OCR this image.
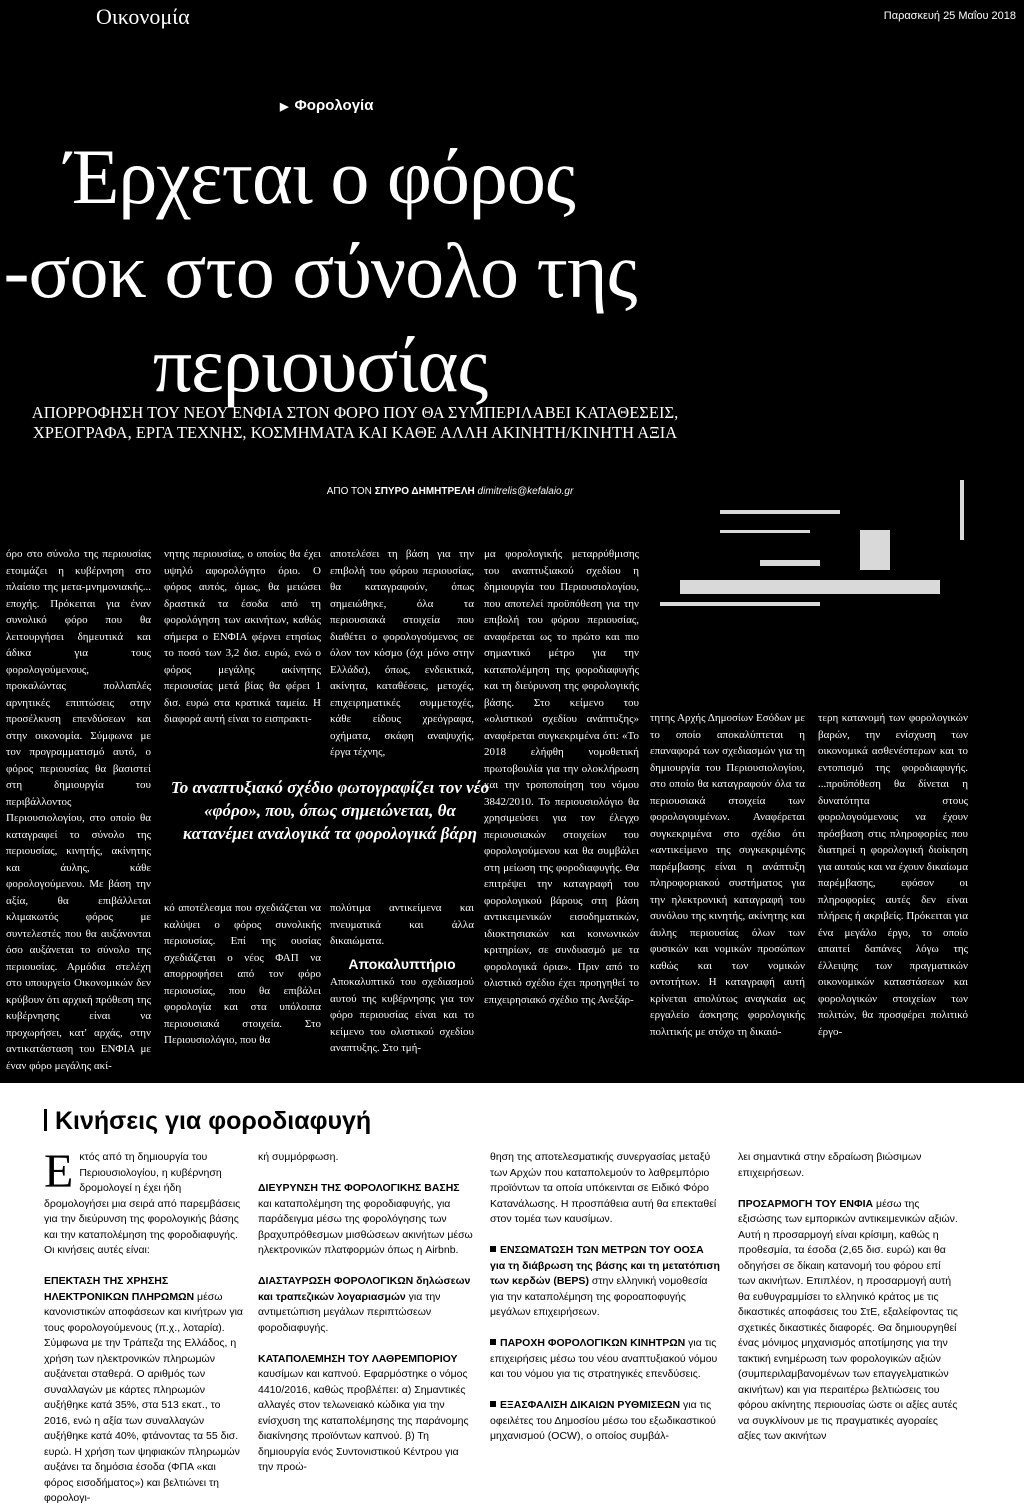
Οικονομία	Παρασκευή 25 Μαΐου 2018
▶ Φορολογία
Έρχεται ο φόρος -σοκ στο σύνολο της περιουσίας
ΑΠΟΡΡΟΦΗΣΗ ΤΟΥ ΝΕΟΥ ΕΝΦΙΑ ΣΤΟΝ ΦΟΡΟ ΠΟΥ ΘΑ ΣΥΜΠΕΡΙΛΑΒΕΙ ΚΑΤΑΘΕΣΕΙΣ, ΧΡΕΟΓΡΑΦΑ, ΕΡΓΑ ΤΕΧΝΗΣ, ΚΟΣΜΗΜΑΤΑ ΚΑΙ ΚΑΘΕ ΑΛΛΗ ΑΚΙΝΗΤΗ/ΚΙΝΗΤΗ ΑΞΙΑ
ΑΠΟ ΤΟΝ ΣΠΥΡΟ ΔΗΜΗΤΡΕΛΗ dimitrelis@kefalaio.gr
όρο στο σύνολο της περιουσίας ετοιμάζει η κυβέρνηση στο πλαίσιο της μετα-μνημονιακής... εποχής. Πρόκειται για έναν συνολικό φόρο που θα λειτουργήσει δημευτικά και άδικα για τους φορολογούμενους, προκαλώντας πολλαπλές αρνητικές επιπτώσεις στην προσέλκυση επενδύσεων και στην οικονομία. Σύμφωνα με τον προγραμματισμό αυτό, ο φόρος περιουσίας θα βασιστεί στη δημιουργία του περιβάλλοντος Περιουσιολογίου, στο οποίο θα καταγραφεί το σύνολο της περιουσίας, κινητής, ακίνητης και άυλης, κάθε φορολογούμενου. Με βάση την αξία, θα επιβάλλεται κλιμακωτός φόρος με συντελεστές που θα αυξάνονται όσο αυξάνεται το σύνολο της περιουσίας. Αρμόδια στελέχη στο υπουργείο Οικονομικών δεν κρύβουν ότι αρχική πρόθεση της κυβέρνησης είναι να προχωρήσει, κατ' αρχάς, στην αντικατάσταση του ΕΝΦΙΑ με έναν φόρο μεγάλης ακί-
νητης περιουσίας, ο οποίος θα έχει υψηλό αφορολόγητο όριο. Ο φόρος αυτός, όμως, θα μειώσει δραστικά τα έσοδα από τη φορολόγηση των ακινήτων, καθώς σήμερα ο ΕΝΦΙΑ φέρνει ετησίως το ποσό των 3,2 δισ. ευρώ, ενώ ο φόρος μεγάλης ακίνητης περιουσίας μετά βίας θα φέρει 1 δισ. ευρώ στα κρατικά ταμεία. Η διαφορά αυτή είναι το εισπρακτι-
αποτελέσει τη βάση για την επιβολή του φόρου περιουσίας, θα καταγραφούν, όπως σημειώθηκε, όλα τα περιουσιακά στοιχεία που διαθέτει ο φορολογούμενος σε όλον τον κόσμο (όχι μόνο στην Ελλάδα), όπως, ενδεικτικά, ακίνητα, καταθέσεις, μετοχές, επιχειρηματικές συμμετοχές, κάθε είδους χρεόγραφα, οχήματα, σκάφη αναψυχής, έργα τέχνης,
μα φορολογικής μεταρρύθμισης του αναπτυξιακού σχεδίου η δημιουργία του Περιουσιολογίου, που αποτελεί προϋπόθεση για την επιβολή του φόρου περιουσίας, αναφέρεται ως το πρώτο και πιο σημαντικό μέτρο για την καταπολέμηση της φοροδιαφυγής και τη διεύρυνση της φορολογικής βάσης. Στο κείμενο του «ολιστικού σχεδίου ανάπτυξης» αναφέρεται συγκεκριμένα ότι: «Το 2018 ελήφθη νομοθετική πρωτοβουλία για την ολοκλήρωση και την τροποποίηση του νόμου 3842/2010. Το περιουσιολόγιο θα χρησιμεύσει για τον έλεγχο περιουσιακών στοιχείων του φορολογούμενου και θα συμβάλει στη μείωση της φοροδιαφυγής. Θα επιτρέψει την καταγραφή του φορολογικού βάρους στη βάση αντικειμενικών εισοδηματικών, ιδιοκτησιακών και κοινωνικών κριτηρίων, σε συνδυασμό με τα φορολογικά όρια». Πριν από το ολιστικό σχέδιο έχει προηγηθεί το επιχειρησιακό σχέδιο της Ανεξάρ-
τητης Αρχής Δημοσίων Εσόδων με το οποίο αποκαλύπτεται η επαναφορά των σχεδιασμών για τη δημιουργία του Περιουσιολογίου, στο οποίο θα καταγραφούν όλα τα περιουσιακά στοιχεία των φορολογουμένων. Αναφέρεται συγκεκριμένα στο σχέδιο ότι «αντικείμενο της συγκεκριμένης παρέμβασης είναι η ανάπτυξη πληροφοριακού συστήματος για την ηλεκτρονική καταγραφή του συνόλου της κινητής, ακίνητης και άυλης περιουσίας όλων των φυσικών και νομικών προσώπων καθώς και των νομικών οντοτήτων. Η καταγραφή αυτή κρίνεται απολύτως αναγκαία ως εργαλείο άσκησης φορολογικής πολιτικής με στόχο τη δικαιό-
τερη κατανομή των φορολογικών βαρών, την ενίσχυση των οικονομικά ασθενέστερων και το εντοπισμό της φοροδιαφυγής. ...προϋπόθεση θα δίνεται η δυνατότητα στους φορολογούμενους να έχουν πρόσβαση στις πληροφορίες που διατηρεί η φορολογική διοίκηση για αυτούς και να έχουν δικαίωμα παρέμβασης, εφόσον οι πληροφορίες αυτές δεν είναι πλήρεις ή ακριβείς. Πρόκειται για ένα μεγάλο έργο, το οποίο απαιτεί δαπάνες λόγω της έλλειψης των πραγματικών οικονομικών καταστάσεων και φορολογικών στοιχείων των πολιτών, θα προσφέρει πολιτικό έργο-
Το αναπτυξιακό σχέδιο φωτογραφίζει τον νέο «φόρο», που, όπως σημειώνεται, θα κατανέμει αναλογικά τα φορολογικά βάρη
κό αποτέλεσμα που σχεδιάζεται να καλύψει ο φόρος συνολικής περιουσίας. Επί της ουσίας σχεδιάζεται ο νέος ΦΑΠ να απορροφήσει από τον φόρο περιουσίας, που θα επιβάλει φορολογία και στα υπόλοιπα περιουσιακά στοιχεία. Στο Περιουσιολόγιο, που θα
πολύτιμα αντικείμενα και πνευματικά και άλλα δικαιώματα.
Αποκαλυπτήριο
Αποκαλυπτικό του σχεδιασμού αυτού της κυβέρνησης για τον φόρο περιουσίας είναι και το κείμενο του ολιστικού σχεδίου αναπτυξης. Στο τμή-
Κινήσεις για φοροδιαφυγή
Εκτός από τη δημιουργία του Περιουσιολογίου, η κυβέρνηση δρομολογεί η έχει ήδη δρομολογήσει μια σειρά από παρεμβάσεις για την διεύρυνση της φορολογικής βάσης και την καταπολέμηση της φοροδιαφυγής. Οι κινήσεις αυτές είναι:

ΕΠΕΚΤΑΣΗ ΤΗΣ ΧΡΗΣΗΣ ΗΛΕΚΤΡΟΝΙΚΩΝ ΠΛΗΡΩΜΩΝ μέσω κανονιστικών αποφάσεων και κινήτρων για τους φορολογούμενους (π.χ., λοταρία). Σύμφωνα με την Τράπεζα της Ελλάδος, η χρήση των ηλεκτρονικών πληρωμών αυξάνεται σταθερά. Ο αριθμός των συναλλαγών με κάρτες πληρωμών αυξήθηκε κατά 35%, στα 513 εκατ., το 2016, ενώ η αξία των συναλλαγών αυξήθηκε κατά 40%, φτάνοντας τα 55 δισ. ευρώ. Η χρήση των ψηφιακών πληρωμών αυξάνει τα δημόσια έσοδα (ΦΠΑ «και φόρος εισοδήματος») και βελτιώνει τη φορολογι-
κή συμμόρφωση.

ΔΙΕΥΡΥΝΣΗ ΤΗΣ ΦΟΡΟΛΟΓΙΚΗΣ ΒΑΣΗΣ και καταπολέμηση της φοροδιαφυγής, για παράδειγμα μέσω της φορολόγησης των βραχυπρόθεσμων μισθώσεων ακινήτων μέσω ηλεκτρονικών πλατφορμών όπως η Airbnb.

ΔΙΑΣΤΑΥΡΩΣΗ ΦΟΡΟΛΟΓΙΚΩΝ δηλώσεων και τραπεζικών λογαριασμών για την αντιμετώπιση μεγάλων περιπτώσεων φοροδιαφυγής.

ΚΑΤΑΠΟΛΕΜΗΣΗ ΤΟΥ ΛΑΘΡΕΜΠΟΡΙΟΥ καυσίμων και καπνού. Εφαρμόστηκε ο νόμος 4410/2016, καθώς προβλέπει: α) Σημαντικές αλλαγές στον τελωνειακό κώδικα για την ενίσχυση της καταπολέμησης της παράνομης διακίνησης προϊόντων καπνού. β) Τη δημιουργία ενός Συντονιστικού Κέντρου για την προώ-
θηση της αποτελεσματικής συνεργασίας μεταξύ των Αρχών που καταπολεμούν το λαθρεμπόριο προϊόντων τα οποία υπόκεινται σε Ειδικό Φόρο Κατανάλωσης. Η προσπάθεια αυτή θα επεκταθεί στον τομέα των καυσίμων.

ΕΝΣΩΜΑΤΩΣΗ ΤΩΝ ΜΕΤΡΩΝ ΤΟΥ ΟΟΣΑ για τη διάβρωση της βάσης και τη μετατόπιση των κερδών (BEPS) στην ελληνική νομοθεσία για την καταπολέμηση της φοροαποφυγής μεγάλων επιχειρήσεων.

ΠΑΡΟΧΗ ΦΟΡΟΛΟΓΙΚΩΝ ΚΙΝΗΤΡΩΝ για τις επιχειρήσεις μέσω του νέου αναπτυξιακού νόμου και του νόμου για τις στρατηγικές επενδύσεις.

ΕΞΑΣΦΑΛΙΣΗ ΔΙΚΑΙΩΝ ΡΥΘΜΙΣΕΩΝ για τις οφειλέτες του Δημοσίου μέσω του εξωδικαστικού μηχανισμού (OCW), ο οποίος συμβάλ-
λει σημαντικά στην εδραίωση βιώσιμων επιχειρήσεων.

ΠΡΟΣΑΡΜΟΓΗ ΤΟΥ ΕΝΦΙΑ μέσω της εξισώσης των εμπορικών αντικειμενικών αξιών. Αυτή η προσαρμογή είναι κρίσιμη, καθώς η προθεσμία, τα έσοδα (2,65 δισ. ευρώ) και θα οδηγήσει σε δίκαιη κατανομή του φόρου επί των ακινήτων. Επιπλέον, η προσαρμογή αυτή θα ευθυγραμμίσει το ελληνικό κράτος με τις δικαστικές αποφάσεις του ΣτΕ, εξαλείφοντας τις σχετικές δικαστικές διαφορές. Θα δημιουργηθεί ένας μόνιμος μηχανισμός αποτίμησης για την τακτική ενημέρωση των φορολογικών αξιών (συμπεριλαμβανομένων των επαγγελματικών ακινήτων) και για περαιτέρω βελτιώσεις του φόρου ακίνητης περιουσίας ώστε οι αξίες αυτές να συγκλίνουν με τις πραγματικές αγοραίες αξίες των ακινήτων
